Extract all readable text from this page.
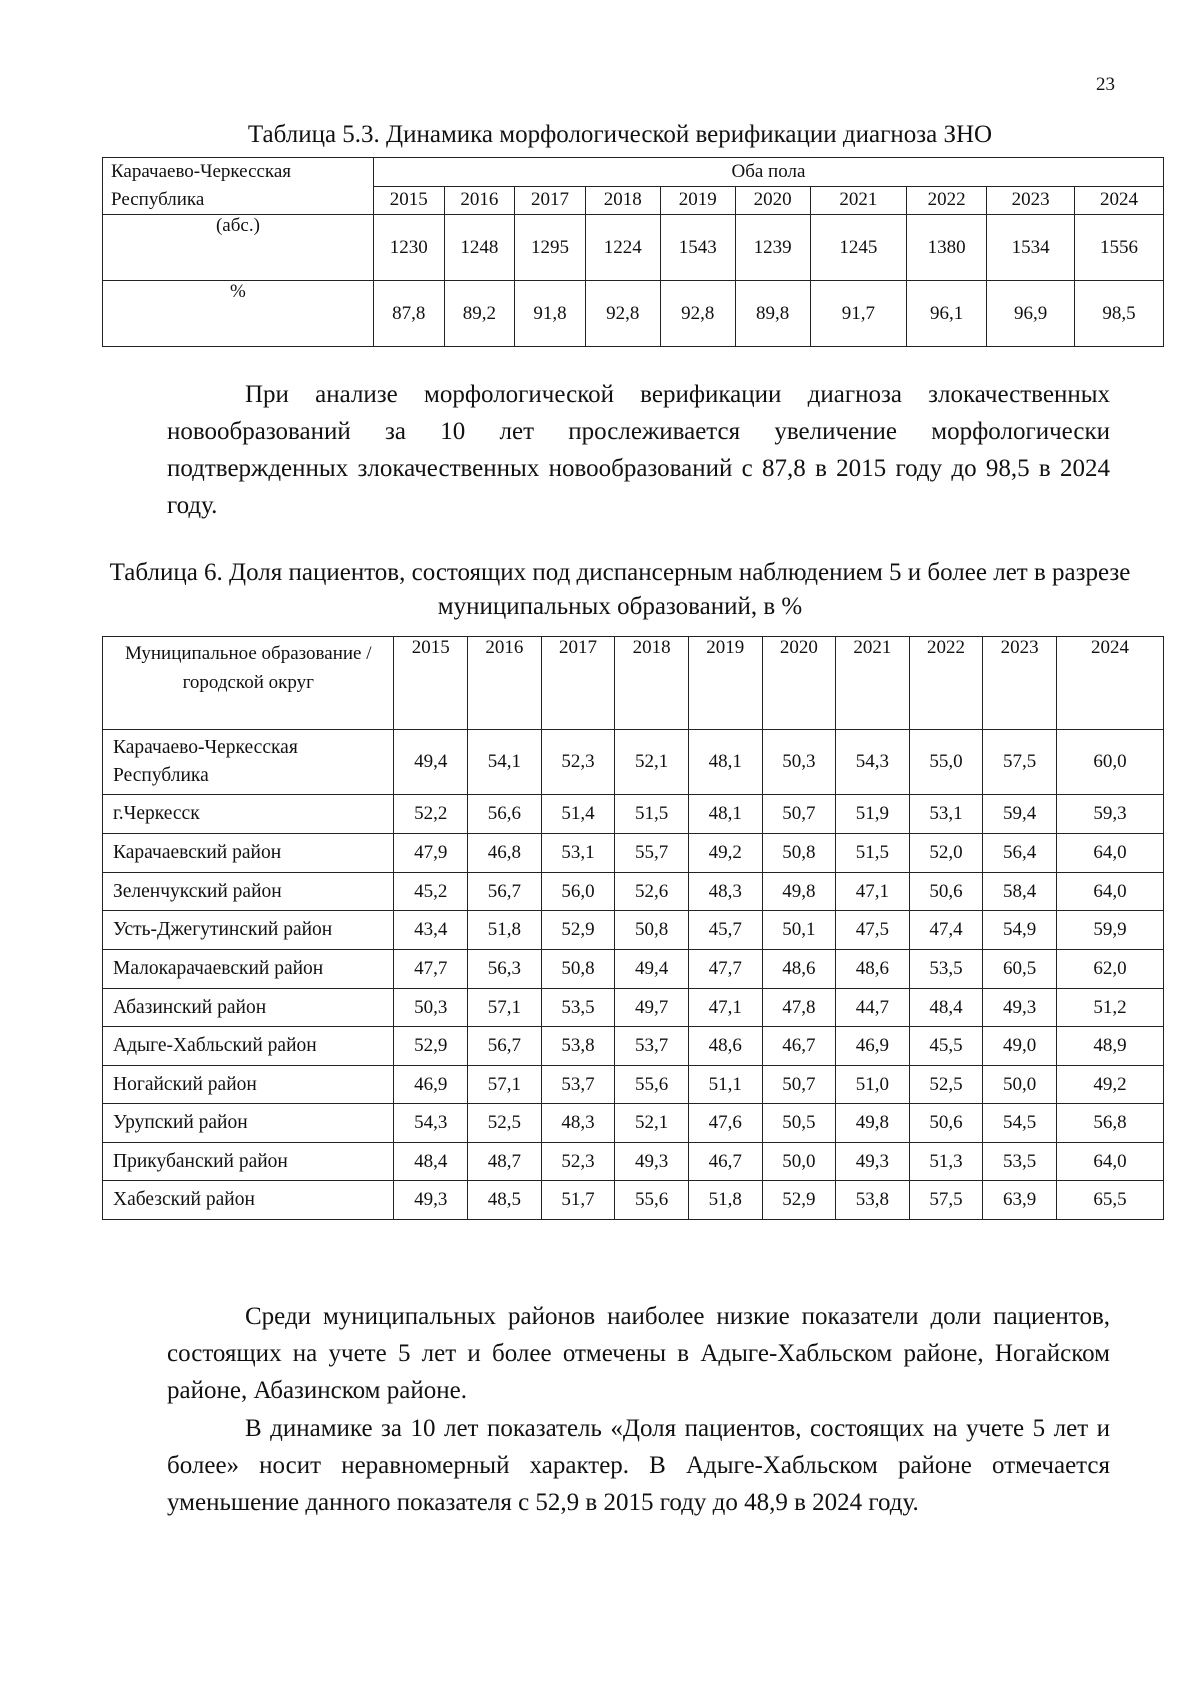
23
Таблица 5.3. Динамика морфологической верификации диагноза ЗНО
Карачаево-Черкесская Республика	Оба пола									
	2015	2016	2017	2018	2019	2020	2021	2022	2023	2024
(абс.)	1230	1248	1295	1224	1543	1239	1245	1380	1534	1556
%	87,8	89,2	91,8	92,8	92,8	89,8	91,7	96,1	96,9	98,5
При анализе морфологической верификации диагноза злокачественных новообразований за 10 лет прослеживается увеличение морфологически подтвержденных злокачественных новообразований с 87,8 в 2015 году до 98,5 в 2024 году.
Таблица 6. Доля пациентов, состоящих под диспансерным наблюдением 5 и более лет в разрезе муниципальных образований, в %
Муниципальное образование / городской округ	2015	2016	2017	2018	2019	2020	2021	2022	2023	2024
Карачаево-Черкесская Республика	49,4	54,1	52,3	52,1	48,1	50,3	54,3	55,0	57,5	60,0
г.Черкесск	52,2	56,6	51,4	51,5	48,1	50,7	51,9	53,1	59,4	59,3
Карачаевский район	47,9	46,8	53,1	55,7	49,2	50,8	51,5	52,0	56,4	64,0
Зеленчукский район	45,2	56,7	56,0	52,6	48,3	49,8	47,1	50,6	58,4	64,0
Усть-Джегутинский район	43,4	51,8	52,9	50,8	45,7	50,1	47,5	47,4	54,9	59,9
Малокарачаевский район	47,7	56,3	50,8	49,4	47,7	48,6	48,6	53,5	60,5	62,0
Абазинский район	50,3	57,1	53,5	49,7	47,1	47,8	44,7	48,4	49,3	51,2
Адыге-Хабльский район	52,9	56,7	53,8	53,7	48,6	46,7	46,9	45,5	49,0	48,9
Ногайский район	46,9	57,1	53,7	55,6	51,1	50,7	51,0	52,5	50,0	49,2
Урупский район	54,3	52,5	48,3	52,1	47,6	50,5	49,8	50,6	54,5	56,8
Прикубанский район	48,4	48,7	52,3	49,3	46,7	50,0	49,3	51,3	53,5	64,0
Хабезский район	49,3	48,5	51,7	55,6	51,8	52,9	53,8	57,5	63,9	65,5
Среди муниципальных районов наиболее низкие показатели доли пациентов, состоящих на учете 5 лет и более отмечены в Адыге-Хабльском районе, Ногайском районе, Абазинском районе.
В динамике за 10 лет показатель «Доля пациентов, состоящих на учете 5 лет и более» носит неравномерный характер. В Адыге-Хабльском районе отмечается уменьшение данного показателя с 52,9 в 2015 году до 48,9 в 2024 году.
